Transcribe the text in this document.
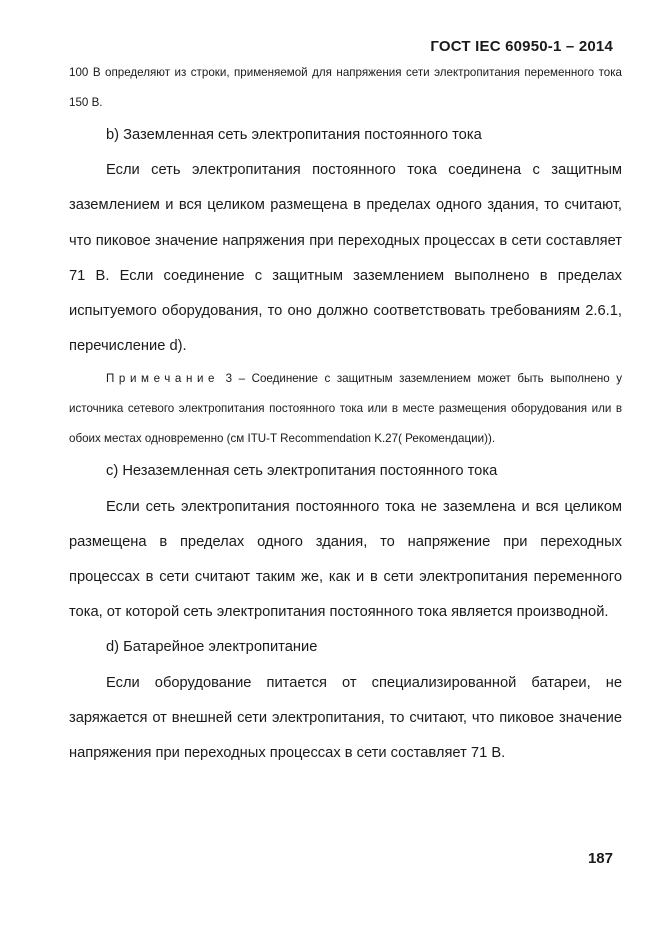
ГОСТ IEC 60950-1 – 2014

100 В определяют из строки, применяемой для напряжения сети электропитания переменного тока 150 В.

b) Заземленная сеть электропитания постоянного тока

Если сеть электропитания постоянного тока соединена с защитным заземлением и вся целиком размещена в пределах одного здания, то считают, что пиковое значение напряжения при переходных процессах в сети составляет 71 В. Если соединение с защитным заземлением выполнено в пределах испытуемого оборудования, то оно должно соответствовать требованиям 2.6.1, перечисление d).

Примечание 3 – Соединение с защитным заземлением может быть выполнено у источника сетевого электропитания постоянного тока или в месте размещения оборудования или в обоих местах одновременно (см ITU-T Recommendation K.27( Рекомендации)).

c) Незаземленная сеть электропитания постоянного тока

Если сеть электропитания постоянного тока не заземлена и вся целиком размещена в пределах одного здания, то напряжение при переходных процессах в сети считают таким же, как и в сети электропитания переменного тока, от которой сеть электропитания постоянного тока является производной.

d) Батарейное электропитание

Если оборудование питается от специализированной батареи, не заряжается от внешней сети электропитания, то считают, что пиковое значение напряжения при переходных процессах в сети составляет 71 В.

187
